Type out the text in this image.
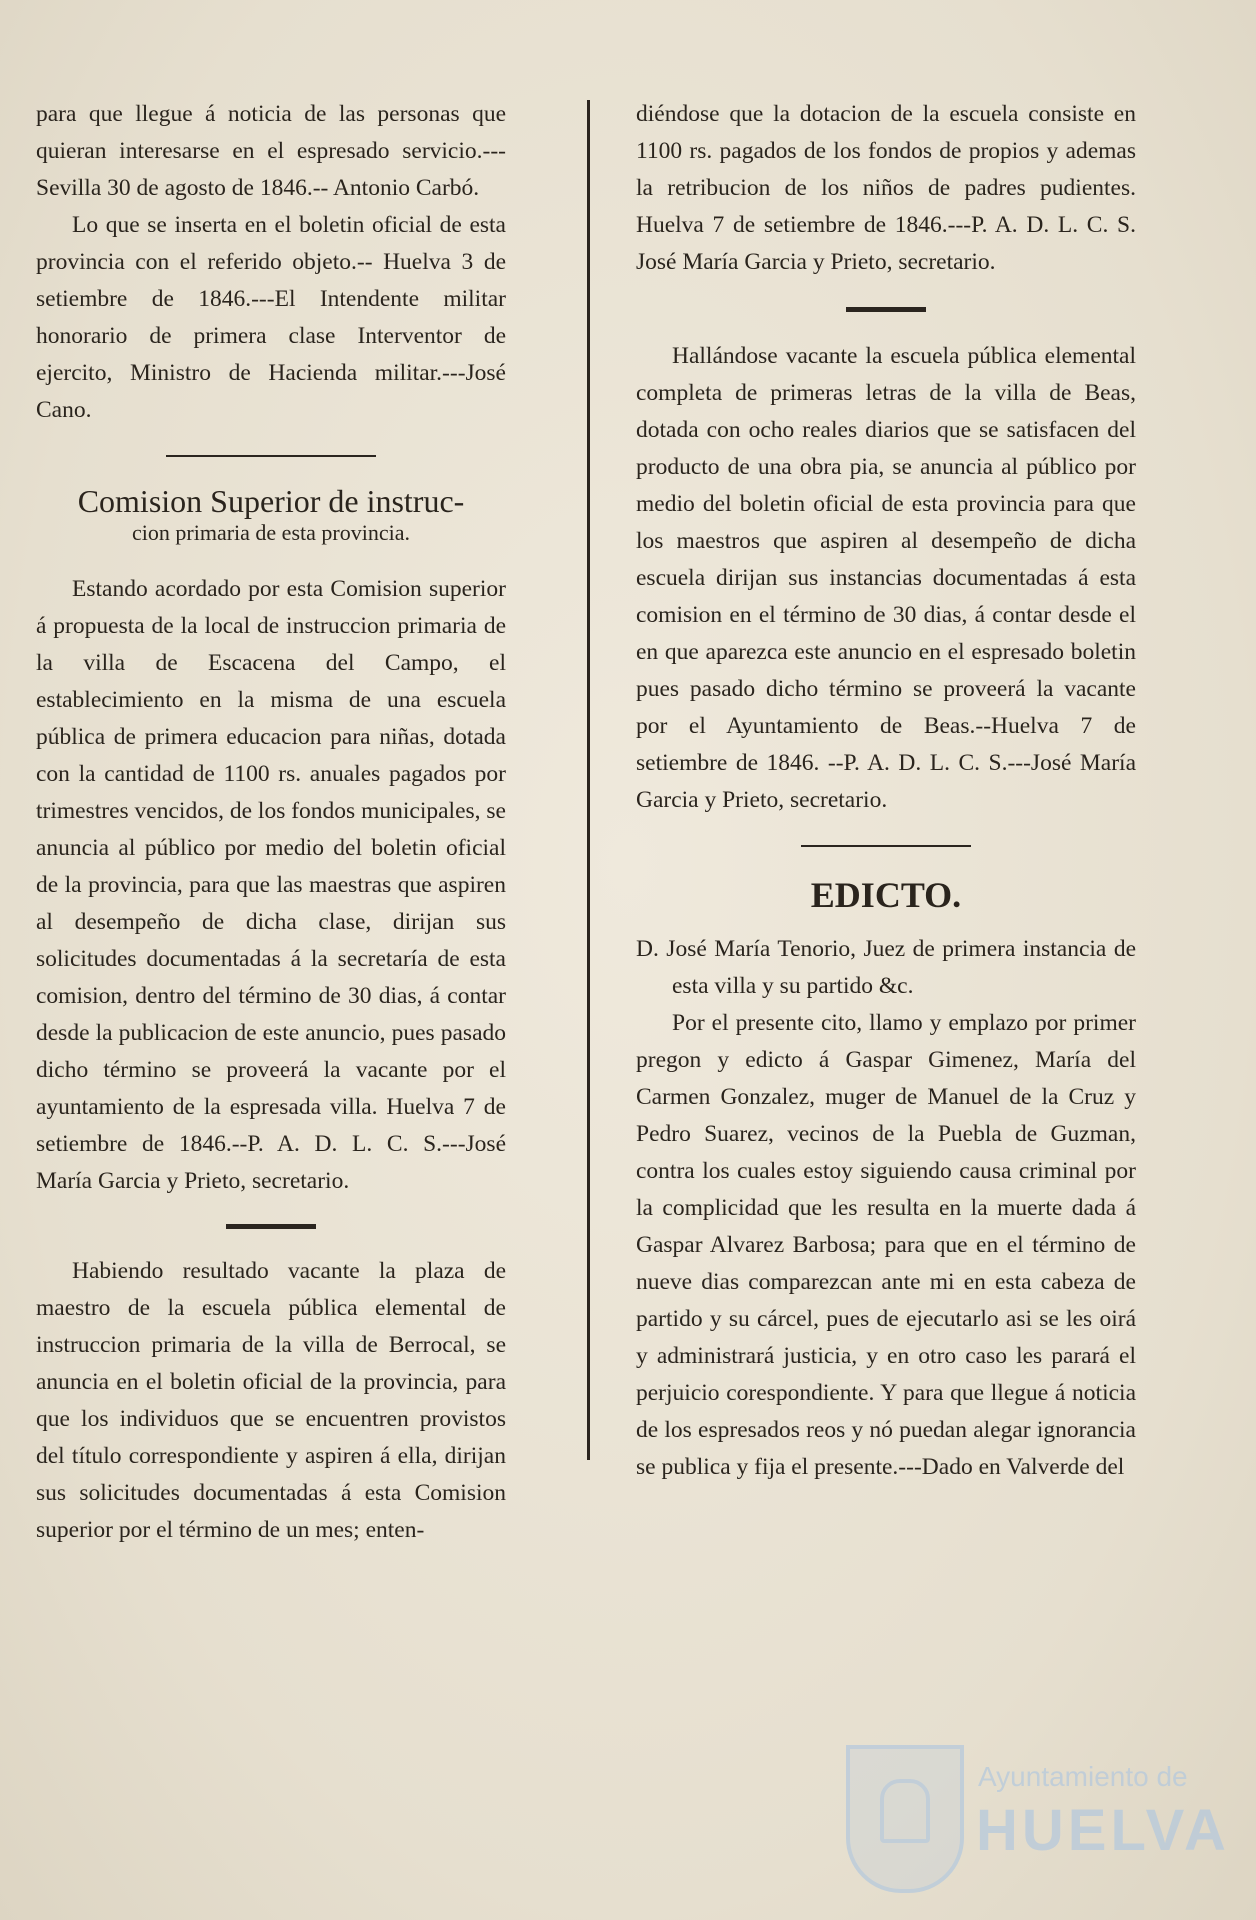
para que llegue á noticia de las personas que quieran interesarse en el espresado servicio.---Sevilla 30 de agosto de 1846.-- Antonio Carbó.

Lo que se inserta en el boletin oficial de esta provincia con el referido objeto.-- Huelva 3 de setiembre de 1846.---El Intendente militar honorario de primera clase Interventor de ejercito, Ministro de Hacienda militar.---José Cano.

Comision Superior de instruc-
cion primaria de esta provincia.

Estando acordado por esta Comision superior á propuesta de la local de instruccion primaria de la villa de Escacena del Campo, el establecimiento en la misma de una escuela pública de primera educacion para niñas, dotada con la cantidad de 1100 rs. anuales pagados por trimestres vencidos, de los fondos municipales, se anuncia al público por medio del boletin oficial de la provincia, para que las maestras que aspiren al desempeño de dicha clase, dirijan sus solicitudes documentadas á la secretaría de esta comision, dentro del término de 30 dias, á contar desde la publicacion de este anuncio, pues pasado dicho término se proveerá la vacante por el ayuntamiento de la espresada villa. Huelva 7 de setiembre de 1846.--P. A. D. L. C. S.---José María Garcia y Prieto, secretario.

Habiendo resultado vacante la plaza de maestro de la escuela pública elemental de instruccion primaria de la villa de Berrocal, se anuncia en el boletin oficial de la provincia, para que los individuos que se encuentren provistos del título correspondiente y aspiren á ella, dirijan sus solicitudes documentadas á esta Comision superior por el término de un mes; enten-

diéndose que la dotacion de la escuela consiste en 1100 rs. pagados de los fondos de propios y ademas la retribucion de los niños de padres pudientes. Huelva 7 de setiembre de 1846.---P. A. D. L. C. S. José María Garcia y Prieto, secretario.

Hallándose vacante la escuela pública elemental completa de primeras letras de la villa de Beas, dotada con ocho reales diarios que se satisfacen del producto de una obra pia, se anuncia al público por medio del boletin oficial de esta provincia para que los maestros que aspiren al desempeño de dicha escuela dirijan sus instancias documentadas á esta comision en el término de 30 dias, á contar desde el en que aparezca este anuncio en el espresado boletin pues pasado dicho término se proveerá la vacante por el Ayuntamiento de Beas.--Huelva 7 de setiembre de 1846. --P. A. D. L. C. S.---José María Garcia y Prieto, secretario.

EDICTO.

D. José María Tenorio, Juez de primera instancia de esta villa y su partido &c.

Por el presente cito, llamo y emplazo por primer pregon y edicto á Gaspar Gimenez, María del Carmen Gonzalez, muger de Manuel de la Cruz y Pedro Suarez, vecinos de la Puebla de Guzman, contra los cuales estoy siguiendo causa criminal por la complicidad que les resulta en la muerte dada á Gaspar Alvarez Barbosa; para que en el término de nueve dias comparezcan ante mi en esta cabeza de partido y su cárcel, pues de ejecutarlo asi se les oirá y administrará justicia, y en otro caso les parará el perjuicio corespondiente. Y para que llegue á noticia de los espresados reos y nó puedan alegar ignorancia se publica y fija el presente.---Dado en Valverde del

Ayuntamiento de
HUELVA
